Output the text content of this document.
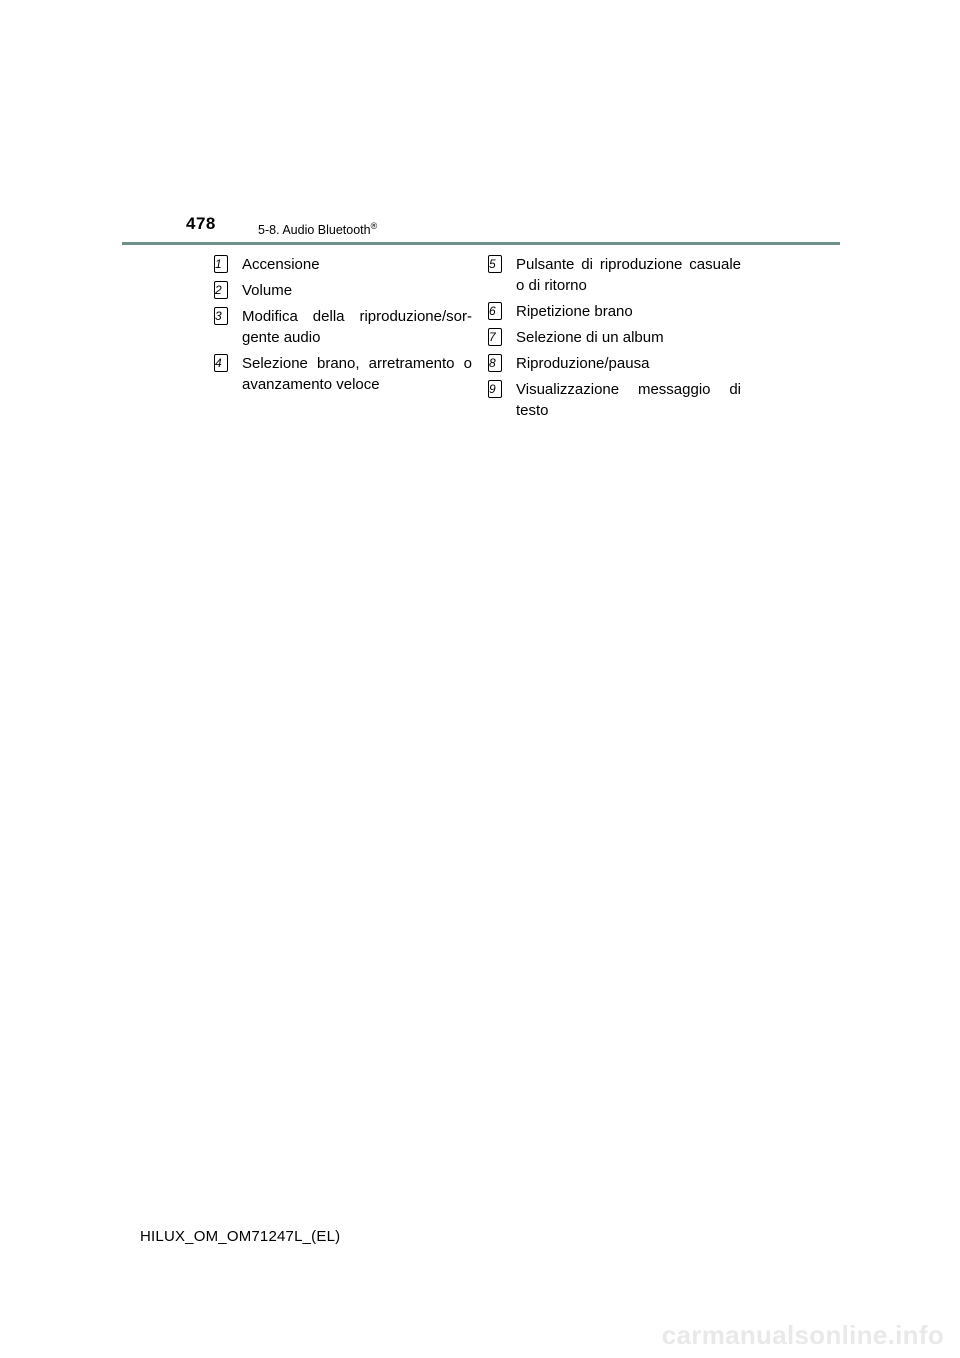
478	5-8. Audio Bluetooth®
1	Accensione
2	Volume
3	Modifica della riproduzione/sor-gente audio
4	Selezione brano, arretramento o avanzamento veloce
5	Pulsante di riproduzione casuale o di ritorno
6	Ripetizione brano
7	Selezione di un album
8	Riproduzione/pausa
9	Visualizzazione messaggio di testo
HILUX_OM_OM71247L_(EL)
carmanualsonline.info
